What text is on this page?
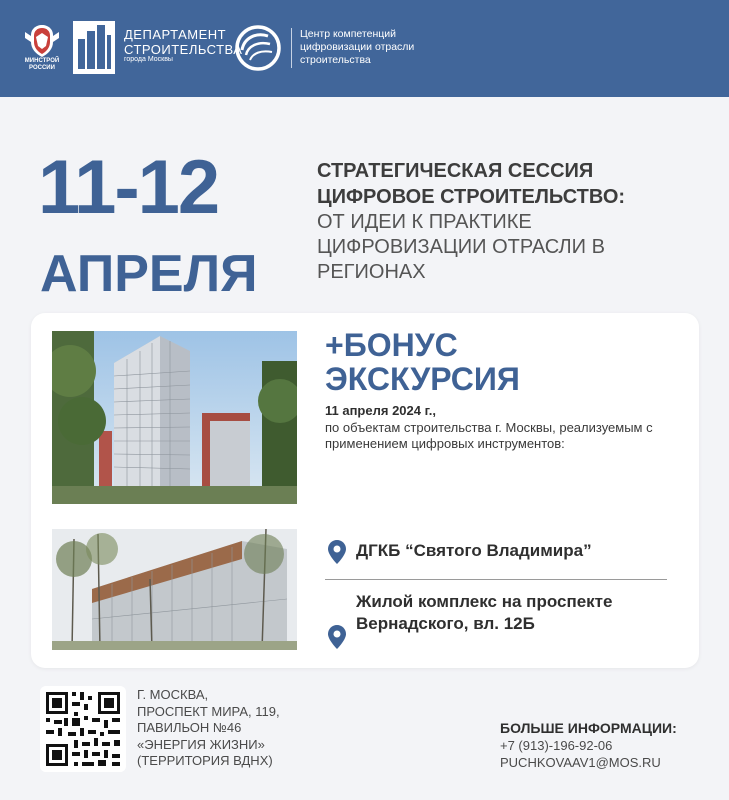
МИНСТРОЙ РОССИИ
ДЕПАРТАМЕНТ
СТРОИТЕЛЬСТВА
города Москвы
Центр компетенций
цифровизации отрасли
строительства
11-12
АПРЕЛЯ
СТРАТЕГИЧЕСКАЯ СЕССИЯ
ЦИФРОВОЕ СТРОИТЕЛЬСТВО:
ОТ ИДЕИ К ПРАКТИКЕ
ЦИФРОВИЗАЦИИ ОТРАСЛИ В
РЕГИОНАХ
+БОНУС
ЭКСКУРСИЯ
11 апреля 2024 г.,
по объектам строительства г. Москвы, реализуемым с применением цифровых инструментов:
ДГКБ “Святого Владимира”
Жилой комплекс на проспекте Вернадского, вл. 12Б
Г. МОСКВА,
ПРОСПЕКТ МИРА, 119,
ПАВИЛЬОН №46
«ЭНЕРГИЯ ЖИЗНИ»
(ТЕРРИТОРИЯ ВДНХ)
БОЛЬШЕ ИНФОРМАЦИИ:
+7 (913)-196-92-06
PUCHKOVAAV1@MOS.RU
